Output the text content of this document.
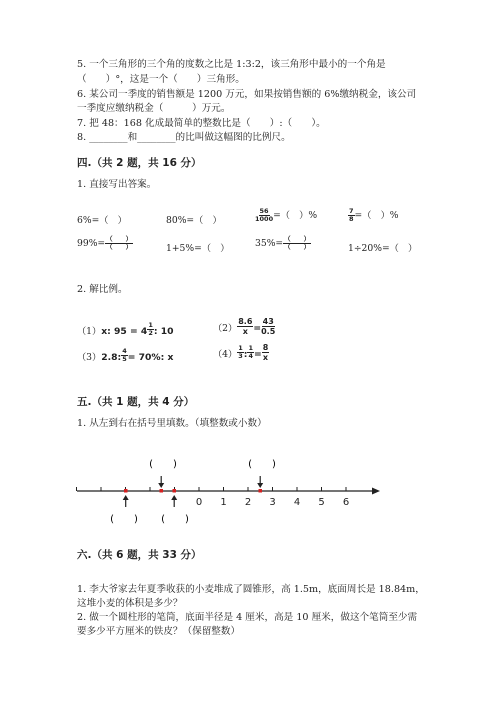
5. 一个三角形的三个角的度数之比是 1:3:2，该三角形中最小的一个角是
（　　）°，这是一个（　　）三角形。
6. 某公司一季度的销售额是 1200 万元，如果按销售额的 6%缴纳税金，该公司
一季度应缴纳税金（　　　）万元。
7. 把 48：168 化成最简单的整数比是（　　）:（　　）。
8. ________和________的比叫做这幅图的比例尺。
四.（共 2 题，共 16 分）
1. 直接写出答案。
6%=（　）	80%=（　）	$\frac{56}{1000}$ =（　）%	$\frac{7}{8}$ =（　）%
$99\%= \frac{( )}{( )}$	1+5%=（　）	$35\%= \frac{( )}{( )}$	1÷20%=（　）
2. 解比例。
（1）x: $95 = 4 \frac{1}{2}$ : 10	$(2) \frac{8.6}{x} = \frac{43}{0.5}$
（3）2.8: $\frac{4}{5} = 70\%$: x	$(4) \frac{1}{3}$ : $\frac{1}{4} = \frac{8}{x}$
五.（共 1 题，共 4 分）
1. 从左到右在括号里填数。（填整数或小数）
0 1 2 3 4 5 6
(　　)	(　　)
(　　) (　　)
六.（共 6 题，共 33 分）
1. 李大爷家去年夏季收获的小麦堆成了圆锥形，高 1.5m，底面周长是 18.84m，
这堆小麦的体积是多少？
2. 做一个圆柱形的笔筒，底面半径是 4 厘米，高是 10 厘米，做这个笔筒至少需
要多少平方厘米的铁皮？（保留整数）
